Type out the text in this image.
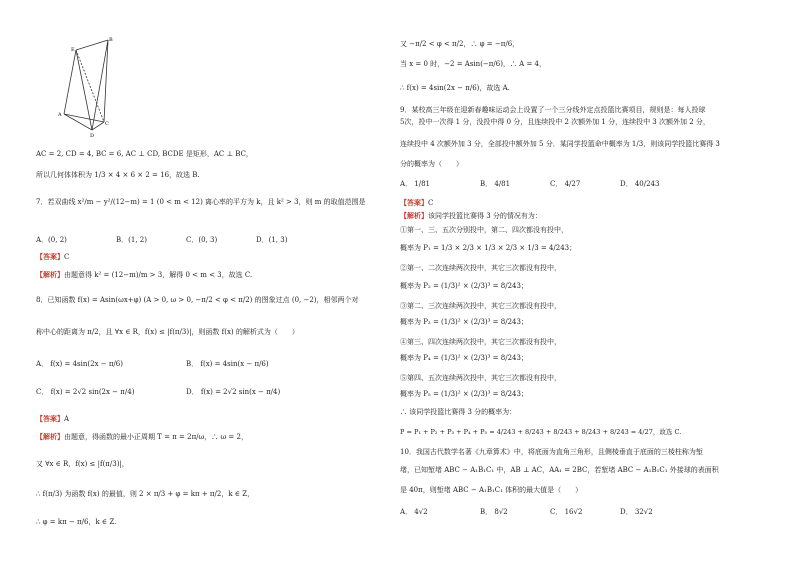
E
B
A
C
D
AC = 2, CD = 4, BC = 6, AC ⊥ CD, BCDE 是矩形，AC ⊥ BC，
所以几何体体积为 1/3 × 4 × 6 × 2 = 16，故选 B.
7．若双曲线 x²/m − y²/(12−m) = 1 (0 < m < 12) 离心率的平方为 k，且 k² > 3，则 m 的取值范围是
A．(0, 2)	B．(1, 2)	C．(0, 3)	D．(1, 3)
【答案】C
【解析】由题意得 k² = (12−m)/m > 3，解得 0 < m < 3，故选 C.
8．已知函数 f(x) = Asin(ωx+φ) (A > 0, ω > 0, −π/2 < φ < π/2) 的图象过点 (0, −2)，相邻两个对
称中心的距离为 π/2，且 ∀x ∈ R，f(x) ≤ |f(π/3)|，则函数 f(x) 的解析式为（　　）
A． f(x) = 4sin(2x − π/6)	B． f(x) = 4sin(x − π/6)
C． f(x) = 2√2 sin(2x − π/4)	D． f(x) = 2√2 sin(x − π/4)
【答案】A
【解析】由题意，得函数的最小正周期 T = π = 2π/ω，∴ ω = 2，
又 ∀x ∈ R，f(x) ≤ |f(π/3)|，
∴ f(π/3) 为函数 f(x) 的最值，则 2 × π/3 + φ = kπ + π/2，k ∈ Z，
∴ φ = kπ − π/6，k ∈ Z.
又 −π/2 < φ < π/2，∴ φ = −π/6，
当 x = 0 时，−2 = Asin(−π/6)，∴ A = 4，
∴ f(x) = 4sin(2x − π/6)，故选 A.
9．某校高三年级在迎新春趣味运动会上设置了一个三分线外定点投篮比赛项目，规则是：每人投球
5次，投中一次得 1 分，没投中得 0 分，且连续投中 2 次额外加 1 分，连续投中 3 次额外加 2 分，
连续投中 4 次额外加 3 分，全部投中额外加 5 分．某同学投篮命中概率为 1/3，则该同学投篮比赛得 3
分的概率为（　　）
A． 1/81	B． 4/81	C． 4/27	D． 40/243
【答案】C
【解析】该同学投篮比赛得 3 分的情况有为：
①第一、三、五次分别投中，第二、四次都没有投中，
概率为 P₁ = 1/3 × 2/3 × 1/3 × 2/3 × 1/3 = 4/243；
②第一、二次连续两次投中，其它三次都没有投中，
概率为 P₂ = (1/3)² × (2/3)³ = 8/243；
③第二、三次连续两次投中，其它三次都没有投中，
概率为 P₃ = (1/3)² × (2/3)³ = 8/243；
④第三、四次连续两次投中，其它三次都没有投中，
概率为 P₄ = (1/3)² × (2/3)³ = 8/243；
⑤第四、五次连续两次投中，其它三次都没有投中，
概率为 P₅ = (1/3)² × (2/3)³ = 8/243；
∴ 该同学投篮比赛得 3 分的概率为：
P = P₁ + P₂ + P₃ + P₄ + P₅ = 4/243 + 8/243 + 8/243 + 8/243 + 8/243 = 4/27，故选 C.
10．我国古代数学名著《九章算术》中，将底面为直角三角形，且侧棱垂直于底面的三棱柱称为堑
堵，已知堑堵 ABC − A₁B₁C₁ 中，AB ⊥ AC，AA₁ = 2BC，若堑堵 ABC − A₁B₁C₁ 外接球的表面积
是 40π，则堑堵 ABC − A₁B₁C₁ 体积的最大值是（　　）
A． 4√2	B． 8√2	C． 16√2	D． 32√2
